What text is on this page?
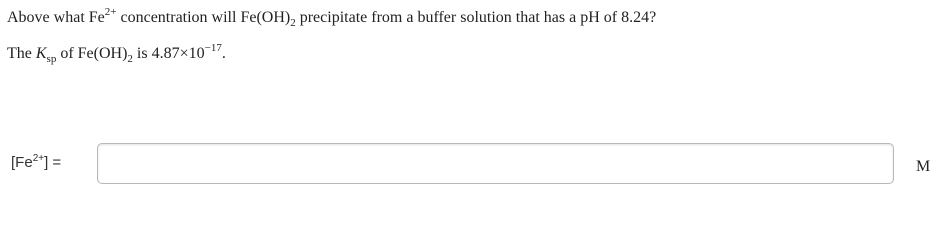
Above what $Fe^{2+}$ concentration will $Fe(OH)_2$ precipitate from a buffer solution that has a pH of 8.24?
The $K_{sp}$ of $Fe(OH)_2$ is $4.87\times 10^{-17}$.
$[Fe^{2+}]$ =	M
